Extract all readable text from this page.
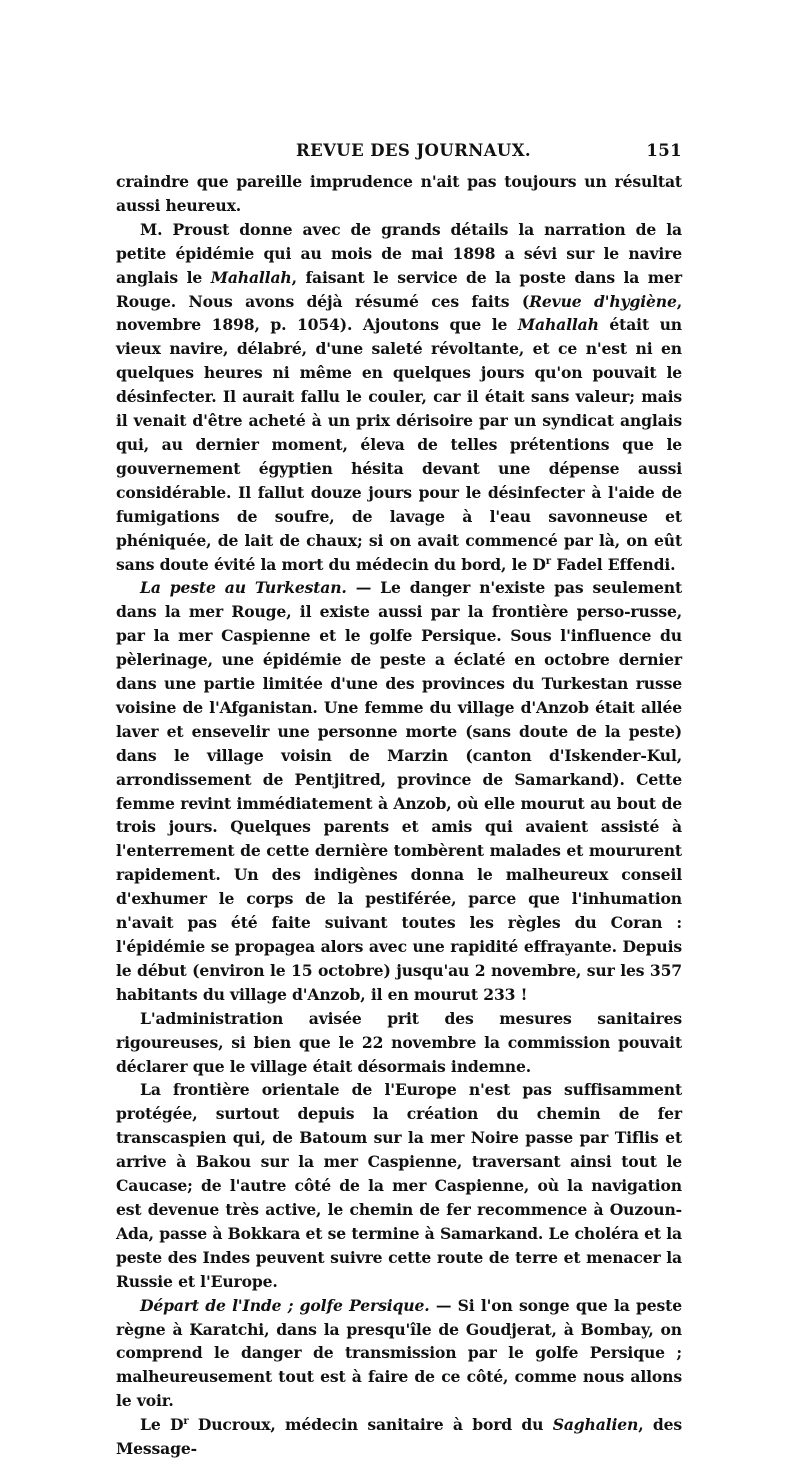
REVUE DES JOURNAUX.	151

craindre que pareille imprudence n'ait pas toujours un résultat aussi heureux.

M. Proust donne avec de grands détails la narration de la petite épidémie qui au mois de mai 1898 a sévi sur le navire anglais le Mahallah, faisant le service de la poste dans la mer Rouge. Nous avons déjà résumé ces faits (Revue d'hygiène, novembre 1898, p. 1054). Ajoutons que le Mahallah était un vieux navire, délabré, d'une saleté révoltante, et ce n'est ni en quelques heures ni même en quelques jours qu'on pouvait le désinfecter. Il aurait fallu le couler, car il était sans valeur; mais il venait d'être acheté à un prix dérisoire par un syndicat anglais qui, au dernier moment, éleva de telles prétentions que le gouvernement égyptien hésita devant une dépense aussi considérable. Il fallut douze jours pour le désinfecter à l'aide de fumigations de soufre, de lavage à l'eau savonneuse et phéniquée, de lait de chaux; si on avait commencé par là, on eût sans doute évité la mort du médecin du bord, le $D^r$ Fadel Effendi.

La peste au Turkestan. — Le danger n'existe pas seulement dans la mer Rouge, il existe aussi par la frontière perso-russe, par la mer Caspienne et le golfe Persique. Sous l'influence du pèlerinage, une épidémie de peste a éclaté en octobre dernier dans une partie limitée d'une des provinces du Turkestan russe voisine de l'Afganistan. Une femme du village d'Anzob était allée laver et ensevelir une personne morte (sans doute de la peste) dans le village voisin de Marzin (canton d'Iskender-Kul, arrondissement de Pentjitred, province de Samarkand). Cette femme revint immédiatement à Anzob, où elle mourut au bout de trois jours. Quelques parents et amis qui avaient assisté à l'enterrement de cette dernière tombèrent malades et moururent rapidement. Un des indigènes donna le malheureux conseil d'exhumer le corps de la pestiférée, parce que l'inhumation n'avait pas été faite suivant toutes les règles du Coran : l'épidémie se propagea alors avec une rapidité effrayante. Depuis le début (environ le 15 octobre) jusqu'au 2 novembre, sur les 357 habitants du village d'Anzob, il en mourut 233 !

L'administration avisée prit des mesures sanitaires rigoureuses, si bien que le 22 novembre la commission pouvait déclarer que le village était désormais indemne.

La frontière orientale de l'Europe n'est pas suffisamment protégée, surtout depuis la création du chemin de fer transcaspien qui, de Batoum sur la mer Noire passe par Tiflis et arrive à Bakou sur la mer Caspienne, traversant ainsi tout le Caucase; de l'autre côté de la mer Caspienne, où la navigation est devenue très active, le chemin de fer recommence à Ouzoun-Ada, passe à Bokkara et se termine à Samarkand. Le choléra et la peste des Indes peuvent suivre cette route de terre et menacer la Russie et l'Europe.

Départ de l'Inde ; golfe Persique. — Si l'on songe que la peste règne à Karatchi, dans la presqu'île de Goudjerat, à Bombay, on comprend le danger de transmission par le golfe Persique ; malheureusement tout est à faire de ce côté, comme nous allons le voir.

Le $D^r$ Ducroux, médecin sanitaire à bord du Saghalien, des Message-
